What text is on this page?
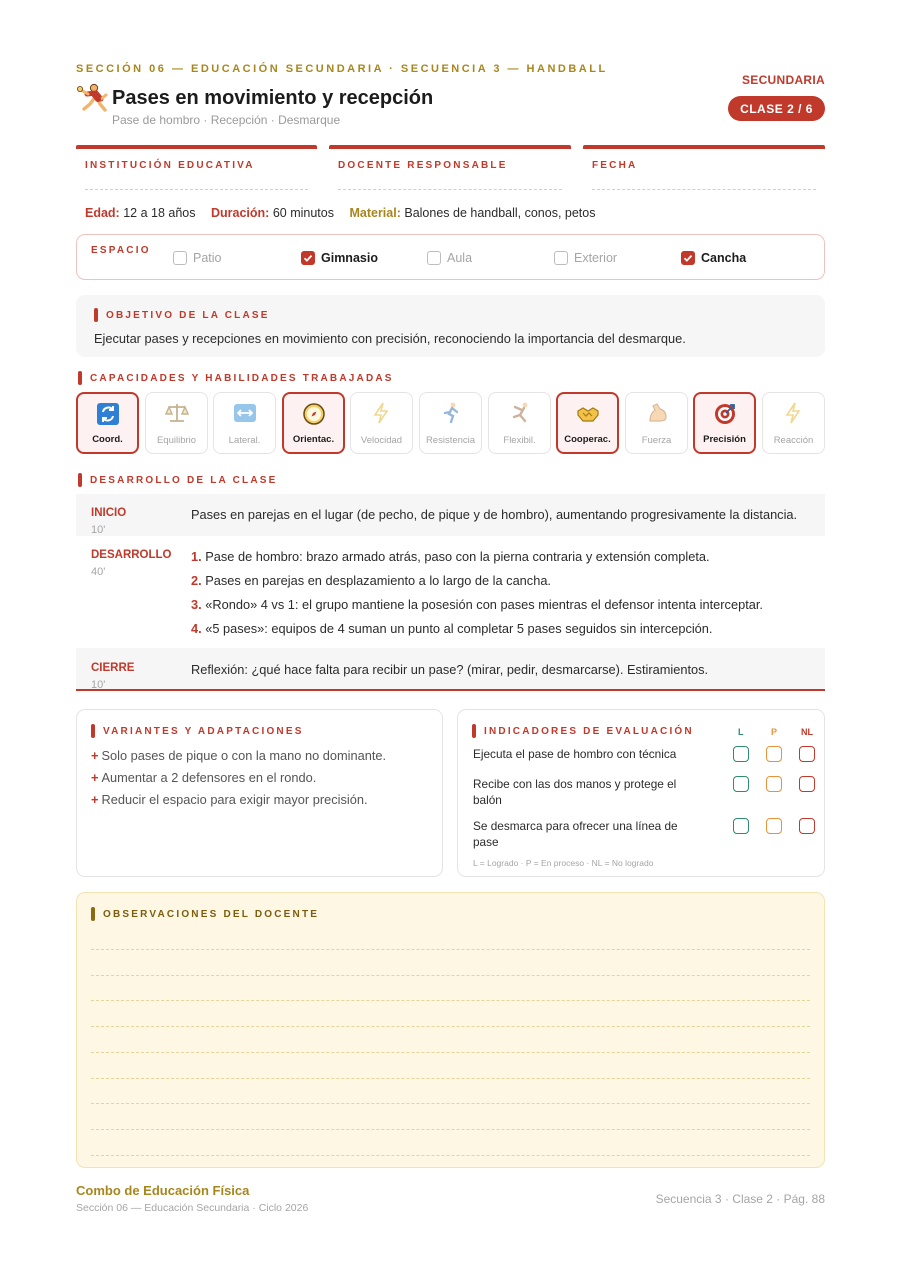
SECCIÓN 06 — EDUCACIÓN SECUNDARIA · SECUENCIA 3 — HANDBALL
Pases en movimiento y recepción
Pase de hombro · Recepción · Desmarque
SECUNDARIA
CLASE 2 / 6
INSTITUCIÓN EDUCATIVA	DOCENTE RESPONSABLE	FECHA
Edad: 12 a 18 años Duración: 60 minutos Material: Balones de handball, conos, petos
ESPACIO
Patio	Gimnasio	Aula	Exterior	Cancha
OBJETIVO DE LA CLASE
Ejecutar pases y recepciones en movimiento con precisión, reconociendo la importancia del desmarque.
CAPACIDADES Y HABILIDADES TRABAJADAS
Coord.	Equilibrio	Lateral.	Orientac.	Velocidad	Resistencia	Flexibil.	Cooperac.	Fuerza	Precisión	Reacción
DESARROLLO DE LA CLASE
INICIO
10'
Pases en parejas en el lugar (de pecho, de pique y de hombro), aumentando progresivamente la distancia.
DESARROLLO
40'
1. Pase de hombro: brazo armado atrás, paso con la pierna contraria y extensión completa.
2. Pases en parejas en desplazamiento a lo largo de la cancha.
3. «Rondo» 4 vs 1: el grupo mantiene la posesión con pases mientras el defensor intenta interceptar.
4. «5 pases»: equipos de 4 suman un punto al completar 5 pases seguidos sin intercepción.
CIERRE
10'
Reflexión: ¿qué hace falta para recibir un pase? (mirar, pedir, desmarcarse). Estiramientos.
VARIANTES Y ADAPTACIONES
+ Solo pases de pique o con la mano no dominante.
+ Aumentar a 2 defensores en el rondo.
+ Reducir el espacio para exigir mayor precisión.
INDICADORES DE EVALUACIÓN	L	P	NL
Ejecuta el pase de hombro con técnica
Recibe con las dos manos y protege el balón
Se desmarca para ofrecer una línea de pase
L = Logrado · P = En proceso · NL = No logrado
OBSERVACIONES DEL DOCENTE
Combo de Educación Física
Sección 06 — Educación Secundaria · Ciclo 2026
Secuencia 3 · Clase 2 · Pág. 88
